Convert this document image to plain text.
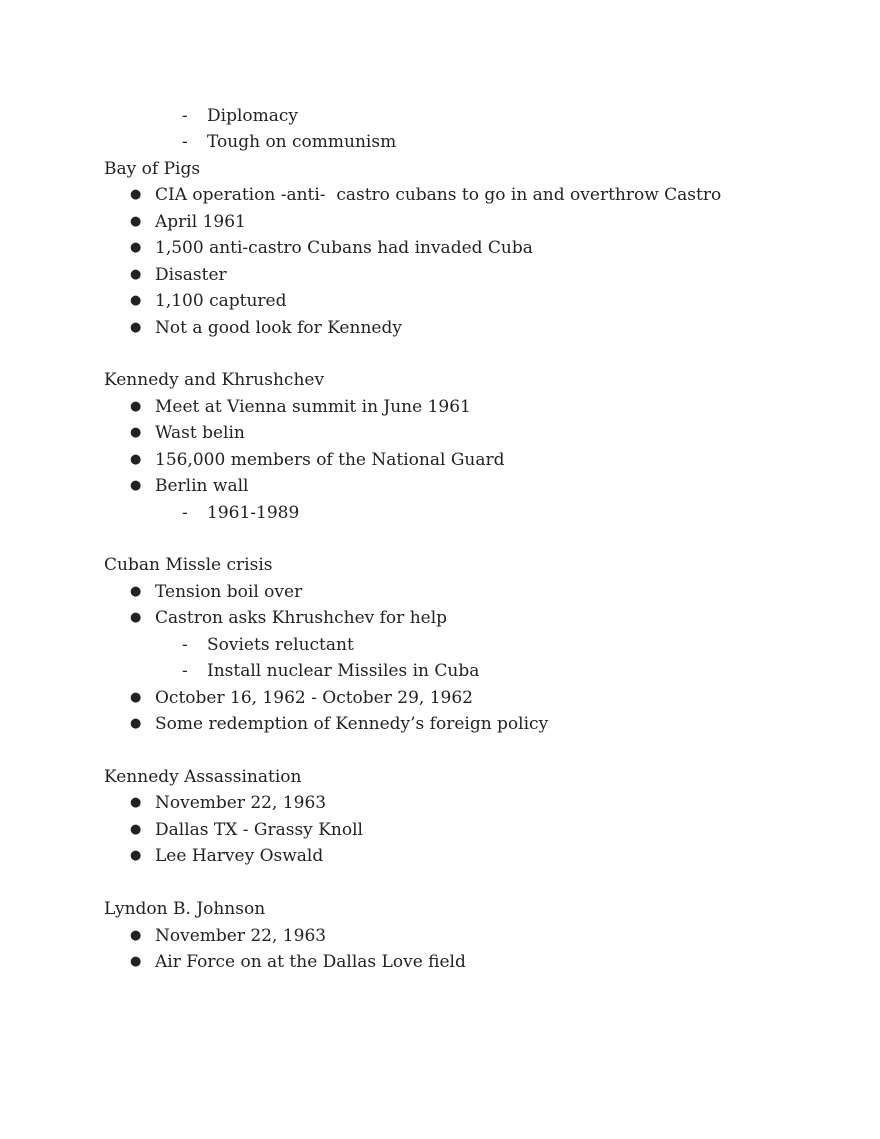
- Diplomacy
- Tough on communism
Bay of Pigs
● CIA operation -anti-  castro cubans to go in and overthrow Castro
● April 1961
● 1,500 anti-castro Cubans had invaded Cuba
● Disaster
● 1,100 captured
● Not a good look for Kennedy
Kennedy and Khrushchev
● Meet at Vienna summit in June 1961
● Wast belin
● 156,000 members of the National Guard
● Berlin wall
- 1961-1989
Cuban Missle crisis
● Tension boil over
● Castron asks Khrushchev for help
- Soviets reluctant
- Install nuclear Missiles in Cuba
● October 16, 1962 - October 29, 1962
● Some redemption of Kennedy’s foreign policy
Kennedy Assassination
● November 22, 1963
● Dallas TX - Grassy Knoll
● Lee Harvey Oswald
Lyndon B. Johnson
● November 22, 1963
● Air Force on at the Dallas Love field
